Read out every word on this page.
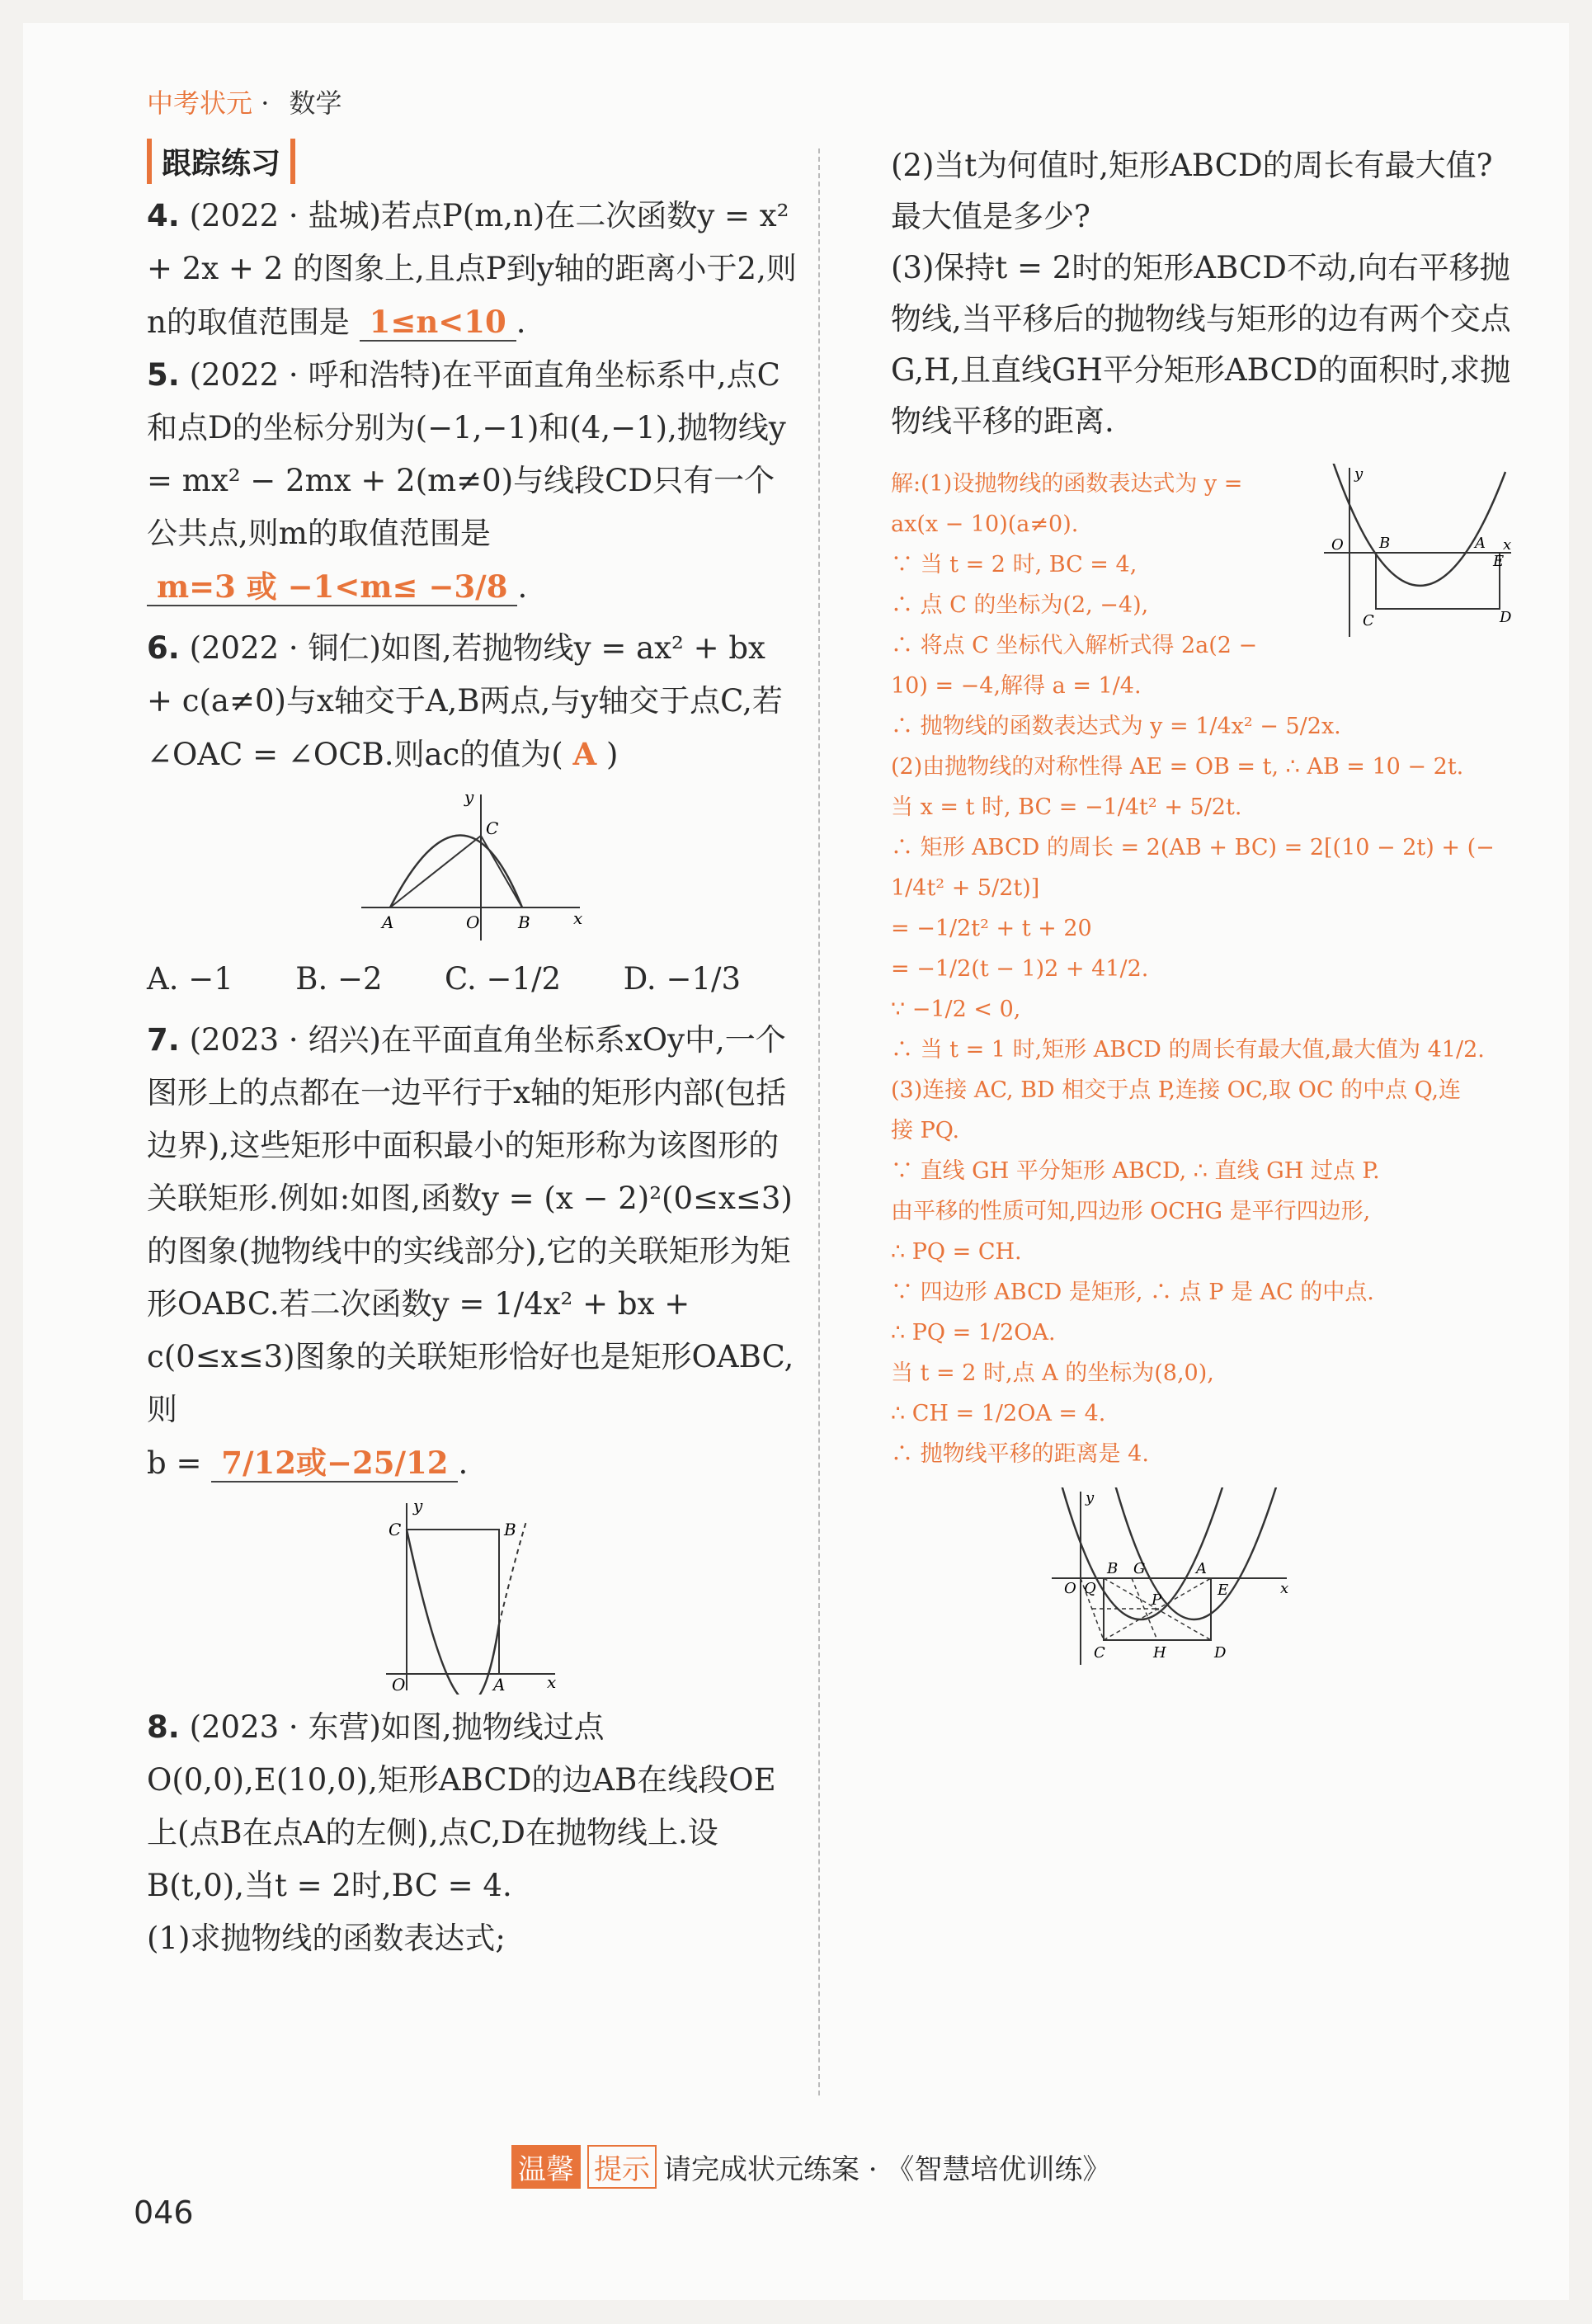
中考状元 · 数学
跟踪练习

4. (2022 · 盐城)若点P(m,n)在二次函数y = x² + 2x + 2 的图象上,且点P到y轴的距离小于2,则n的取值范围是 1≤n<10 .

5. (2022 · 呼和浩特)在平面直角坐标系中,点C和点D的坐标分别为(−1,−1)和(4,−1),抛物线y = mx² − 2mx + 2(m≠0)与线段CD只有一个公共点,则m的取值范围是
m=3 或 −1<m≤ −3/8 .

6. (2022 · 铜仁)如图,若抛物线y = ax² + bx + c(a≠0)与x轴交于A,B两点,与y轴交于点C,若∠OAC = ∠OCB.则ac的值为( A )

y
x
A	O B
C
A. −1 B. −2 C. −1/2 D. −1/3

7. (2023 · 绍兴)在平面直角坐标系xOy中,一个图形上的点都在一边平行于x轴的矩形内部(包括边界),这些矩形中面积最小的矩形称为该图形的关联矩形.例如:如图,函数y = (x − 2)²(0≤x≤3)的图象(抛物线中的实线部分),它的关联矩形为矩形OABC.若二次函数y = 1/4x² + bx + c(0≤x≤3)图象的关联矩形恰好也是矩形OABC,则
b = 7/12或−25/12 .

y
x
O	A
B
C

8. (2023 · 东营)如图,抛物线过点O(0,0),E(10,0),矩形ABCD的边AB在线段OE上(点B在点A的左侧),点C,D在抛物线上.设B(t,0),当t = 2时,BC = 4.
(1)求抛物线的函数表达式;

(2)当t为何值时,矩形ABCD的周长有最大值?最大值是多少?

(3)保持t = 2时的矩形ABCD不动,向右平移抛物线,当平移后的抛物线与矩形的边有两个交点G,H,且直线GH平分矩形ABCD的面积时,求抛物线平移的距离.

y
x
O B	A
E
C	D

解:(1)设抛物线的函数表达式为 y =

ax(x − 10)(a≠0).

∵ 当 t = 2 时, BC = 4,

∴ 点 C 的坐标为(2, −4),

∴ 将点 C 坐标代入解析式得 2a(2 −

10) = −4,解得 a = 1/4.

∴ 抛物线的函数表达式为 y = 1/4x² − 5/2x.

(2)由抛物线的对称性得 AE = OB = t, ∴ AB = 10 − 2t.

当 x = t 时, BC = −1/4t² + 5/2t.

∴ 矩形 ABCD 的周长 = 2(AB + BC) = 2[(10 − 2t) + (−

1/4t² + 5/2t)]

= −1/2t² + t + 20

= −1/2(t − 1)2 + 41/2.

∵ −1/2 < 0,

∴ 当 t = 1 时,矩形 ABCD 的周长有最大值,最大值为 41/2.

(3)连接 AC, BD 相交于点 P,连接 OC,取 OC 的中点 Q,连

接 PQ.

∵ 直线 GH 平分矩形 ABCD, ∴ 直线 GH 过点 P.

由平移的性质可知,四边形 OCHG 是平行四边形,

∴ PQ = CH.

∵ 四边形 ABCD 是矩形, ∴ 点 P 是 AC 的中点.

∴ PQ = 1/2OA.

当 t = 2 时,点 A 的坐标为(8,0),

∴ CH = 1/2OA = 4.

∴ 抛物线平移的距离是 4.

y
x
O Q
B G	A
E
P
C	H	D
温馨 提示 请完成状元练案 · 《智慧培优训练》
046
